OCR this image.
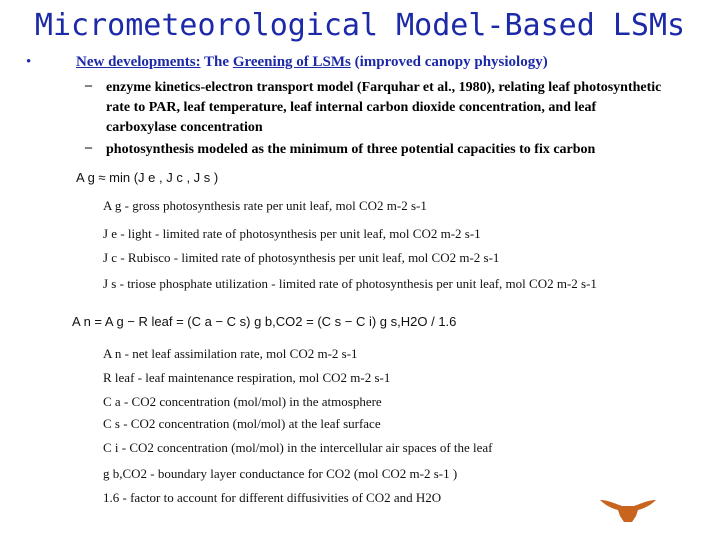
Micrometeorological Model-Based LSMs
•	New developments: The Greening of LSMs (improved canopy physiology)
– enzyme kinetics-electron transport model (Farquhar et al., 1980), relating leaf photosynthetic rate to PAR, leaf temperature, leaf internal carbon dioxide concentration, and leaf carboxylase concentration
– photosynthesis modeled as the minimum of three potential capacities to fix carbon
A g ≈ min (J e , J c , J s )
A g - gross photosynthesis rate per unit leaf, mol CO2 m-2 s-1
J e - light - limited rate of photosynthesis per unit leaf, mol CO2 m-2 s-1
J c - Rubisco - limited rate of photosynthesis per unit leaf, mol CO2 m-2 s-1
J s - triose phosphate utilization - limited rate of photosynthesis per unit leaf, mol CO2 m-2 s-1
A n = A g − R leaf = (C a − C s) g b,CO2 = (C s − C i) g s,H2O / 1.6
A n - net leaf assimilation rate, mol CO2 m-2 s-1
R leaf - leaf maintenance respiration, mol CO2 m-2 s-1
C a - CO2 concentration (mol/mol) in the atmosphere
C s - CO2 concentration (mol/mol) at the leaf surface
C i - CO2 concentration (mol/mol) in the intercellular air spaces of the leaf
g b,CO2 - boundary layer conductance for CO2 (mol CO2 m-2 s-1 )
1.6 - factor to account for different diffusivities of CO2 and H2O
